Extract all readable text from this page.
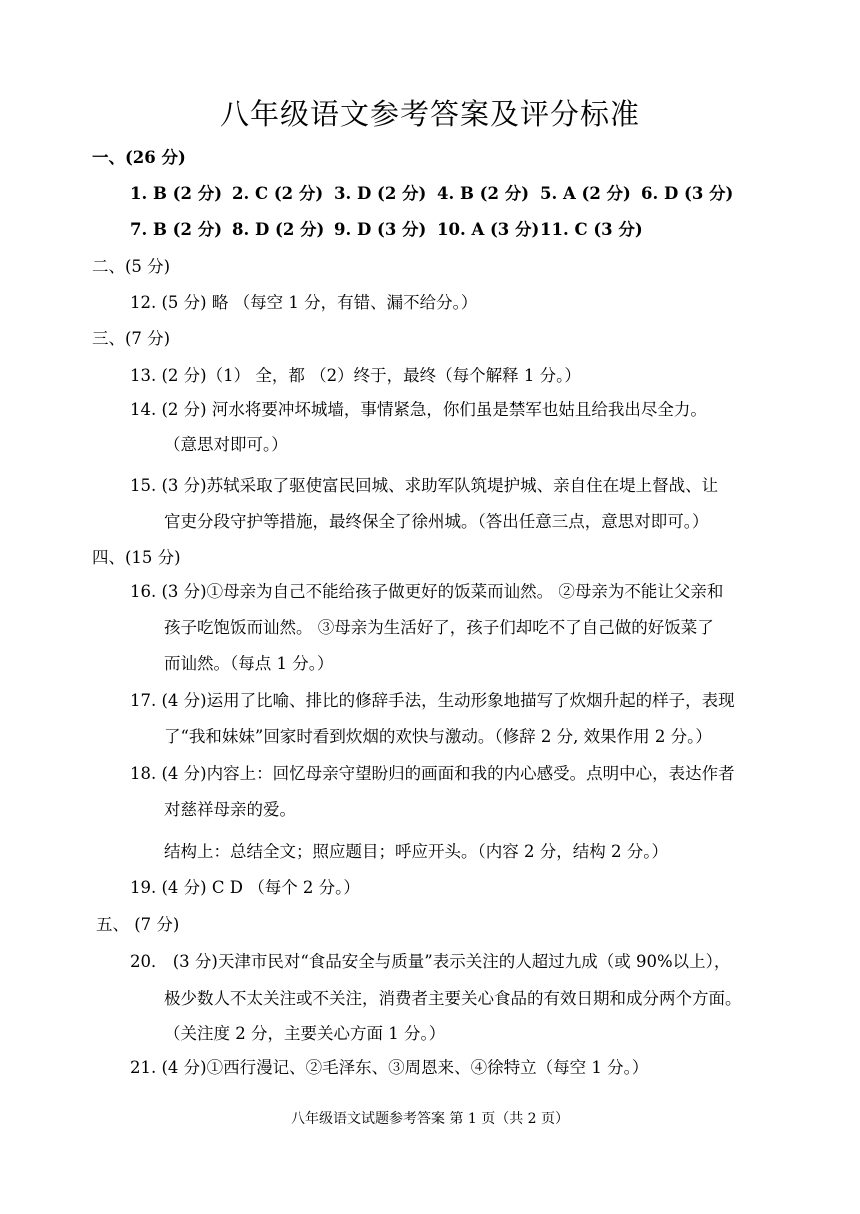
八年级语文参考答案及评分标准
一、(26 分)
1. B (2 分) 2. C (2 分) 3. D (2 分) 4. B (2 分) 5. A (2 分) 6. D (3 分)
7. B (2 分) 8. D (2 分) 9. D (3 分) 10. A (3 分) 11. C (3 分)
二、(5 分)
12. (5 分) 略 （每空 1 分，有错、漏不给分。）
三、(7 分)
13. (2 分)（1） 全，都 （2）终于，最终（每个解释 1 分。）
14. (2 分) 河水将要冲坏城墙，事情紧急，你们虽是禁军也姑且给我出尽全力。
（意思对即可。）
15. (3 分)苏轼采取了驱使富民回城、求助军队筑堤护城、亲自住在堤上督战、让
官吏分段守护等措施，最终保全了徐州城。（答出任意三点，意思对即可。）
四、(15 分)
16. (3 分)①母亲为自己不能给孩子做更好的饭菜而讪然。 ②母亲为不能让父亲和
孩子吃饱饭而讪然。 ③母亲为生活好了，孩子们却吃不了自己做的好饭菜了
而讪然。（每点 1 分。）
17. (4 分)运用了比喻、排比的修辞手法，生动形象地描写了炊烟升起的样子，表现
了“我和妹妹”回家时看到炊烟的欢快与激动。（修辞 2 分, 效果作用 2 分。）
18. (4 分)内容上：回忆母亲守望盼归的画面和我的内心感受。点明中心，表达作者
对慈祥母亲的爱。
结构上：总结全文；照应题目；呼应开头。（内容 2 分，结构 2 分。）
19. (4 分) C D （每个 2 分。）
五、 (7 分)
20． (3 分)天津市民对“食品安全与质量”表示关注的人超过九成（或 90%以上），
极少数人不太关注或不关注，消费者主要关心食品的有效日期和成分两个方面。
（关注度 2 分，主要关心方面 1 分。）
21. (4 分)①西行漫记、②毛泽东、③周恩来、④徐特立（每空 1 分。）
八年级语文试题参考答案 第 1 页（共 2 页）
